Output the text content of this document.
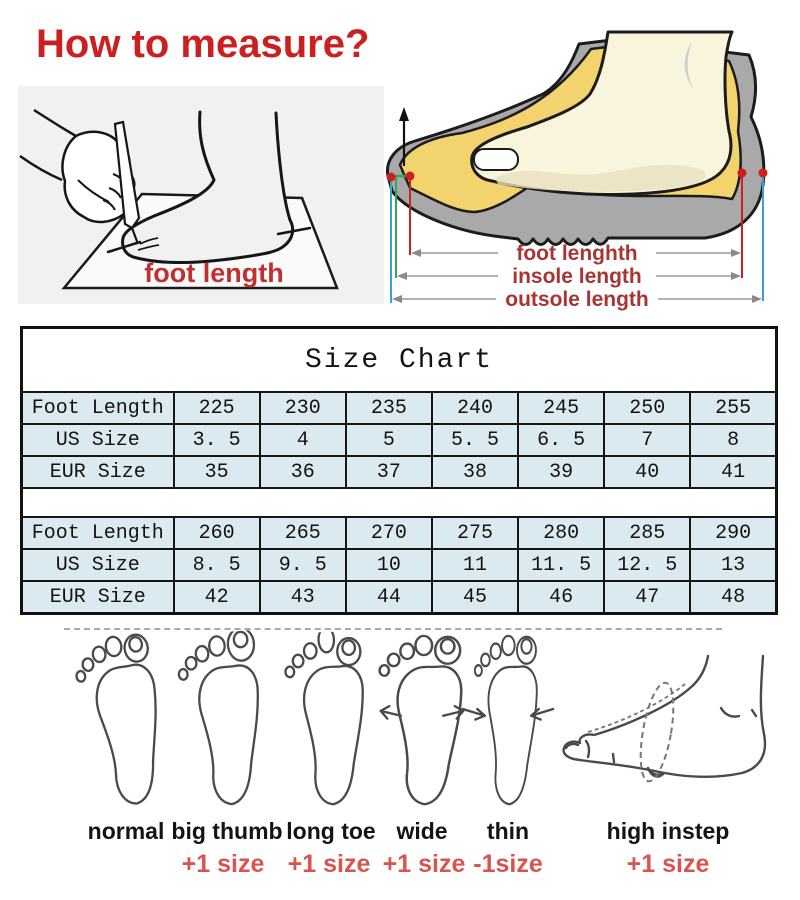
How to measure?
foot length
foot lenghth
insole length
outsole length
Size Chart							
Foot Length	225	230	235	240	245	250	255
US Size	3. 5	4	5	5. 5	6. 5	7	8
EUR Size	35	36	37	38	39	40	41

Foot Length	260	265	270	275	280	285	290
US Size	8. 5	9. 5	10	11	11. 5	12. 5	13
EUR Size	42	43	44	45	46	47	48
normal big thumb long toe wide thin	high instep
+1 size +1 size +1 size -1size	+1 size
